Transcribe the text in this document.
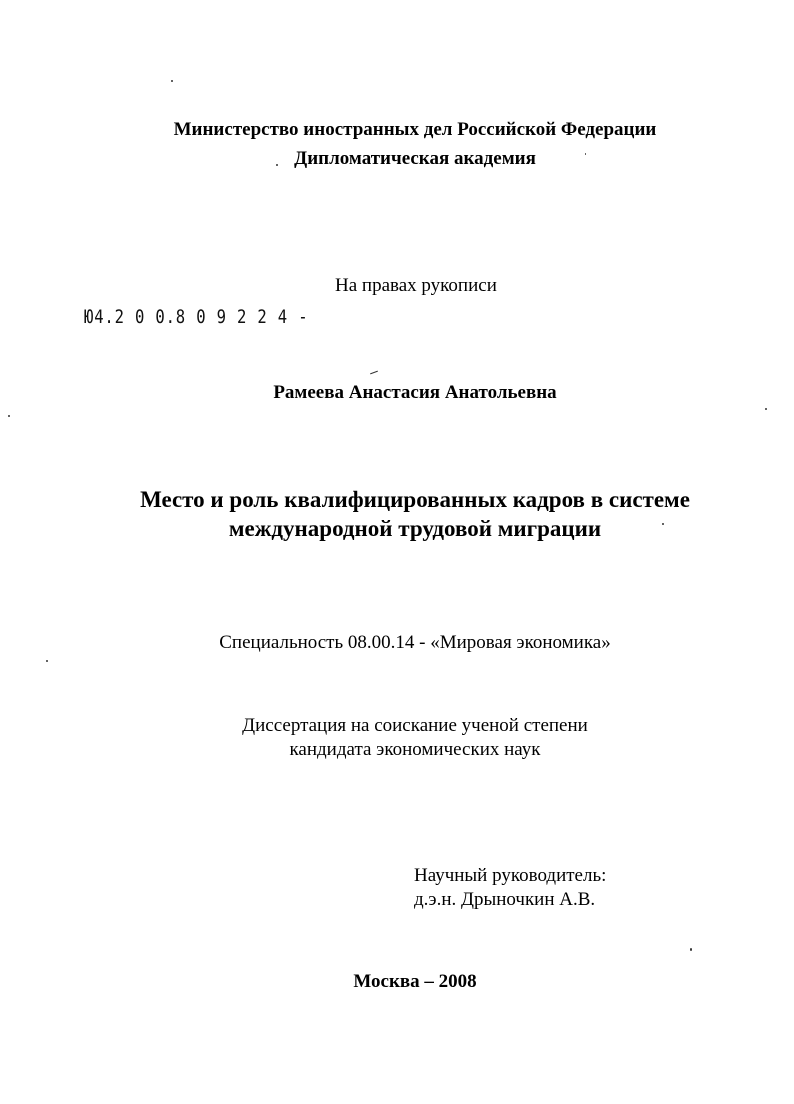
Министерство иностранных дел Российской Федерации
Дипломатическая академия
На правах рукописи
Ю4.2 0 0.8 0 9 2 2 4 -
Рамеева Анастасия Анатольевна
Место и роль квалифицированных кадров в системе
международной трудовой миграции
Специальность 08.00.14 - «Мировая экономика»
Диссертация на соискание ученой степени
кандидата экономических наук
Научный руководитель:
д.э.н. Дрыночкин А.В.
Москва – 2008
